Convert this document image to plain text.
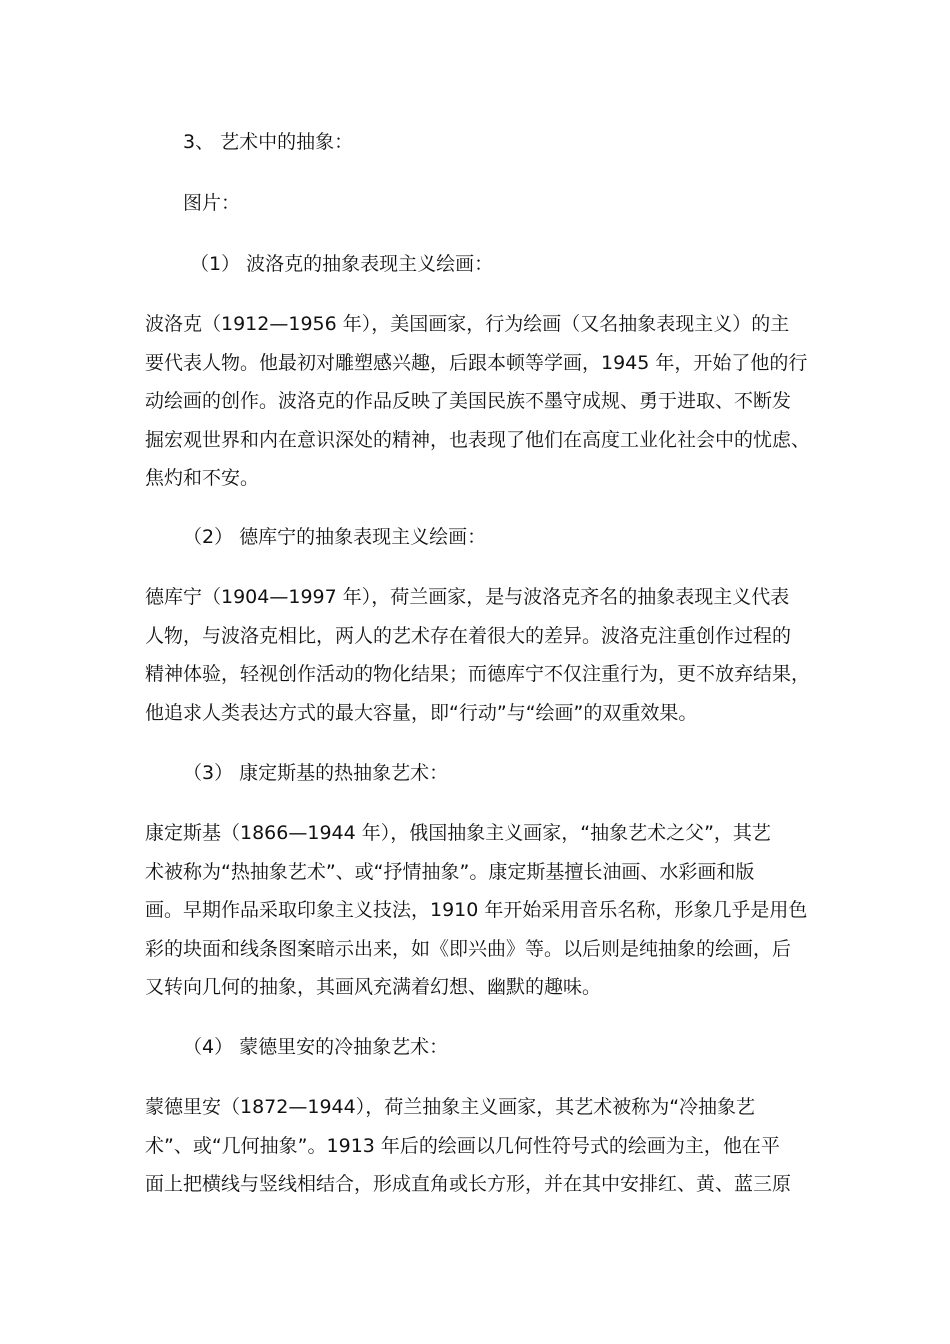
3、 艺术中的抽象：
图片：
（1） 波洛克的抽象表现主义绘画：
波洛克（1912—1956 年），美国画家，行为绘画（又名抽象表现主义）的主
要代表人物。他最初对雕塑感兴趣，后跟本顿等学画，1945 年，开始了他的行
动绘画的创作。波洛克的作品反映了美国民族不墨守成规、勇于进取、不断发
掘宏观世界和内在意识深处的精神，也表现了他们在高度工业化社会中的忧虑、
焦灼和不安。
（2） 德库宁的抽象表现主义绘画：
德库宁（1904—1997 年），荷兰画家，是与波洛克齐名的抽象表现主义代表
人物，与波洛克相比，两人的艺术存在着很大的差异。波洛克注重创作过程的
精神体验，轻视创作活动的物化结果；而德库宁不仅注重行为，更不放弃结果，
他追求人类表达方式的最大容量，即“行动”与“绘画”的双重效果。
（3） 康定斯基的热抽象艺术：
康定斯基（1866—1944 年），俄国抽象主义画家，“抽象艺术之父”，其艺
术被称为“热抽象艺术”、或“抒情抽象”。康定斯基擅长油画、水彩画和版
画。早期作品采取印象主义技法，1910 年开始采用音乐名称，形象几乎是用色
彩的块面和线条图案暗示出来，如《即兴曲》等。以后则是纯抽象的绘画，后
又转向几何的抽象，其画风充满着幻想、幽默的趣味。
（4） 蒙德里安的冷抽象艺术：
蒙德里安（1872—1944），荷兰抽象主义画家，其艺术被称为“冷抽象艺
术”、或“几何抽象”。1913 年后的绘画以几何性符号式的绘画为主，他在平
面上把横线与竖线相结合，形成直角或长方形，并在其中安排红、黄、蓝三原
